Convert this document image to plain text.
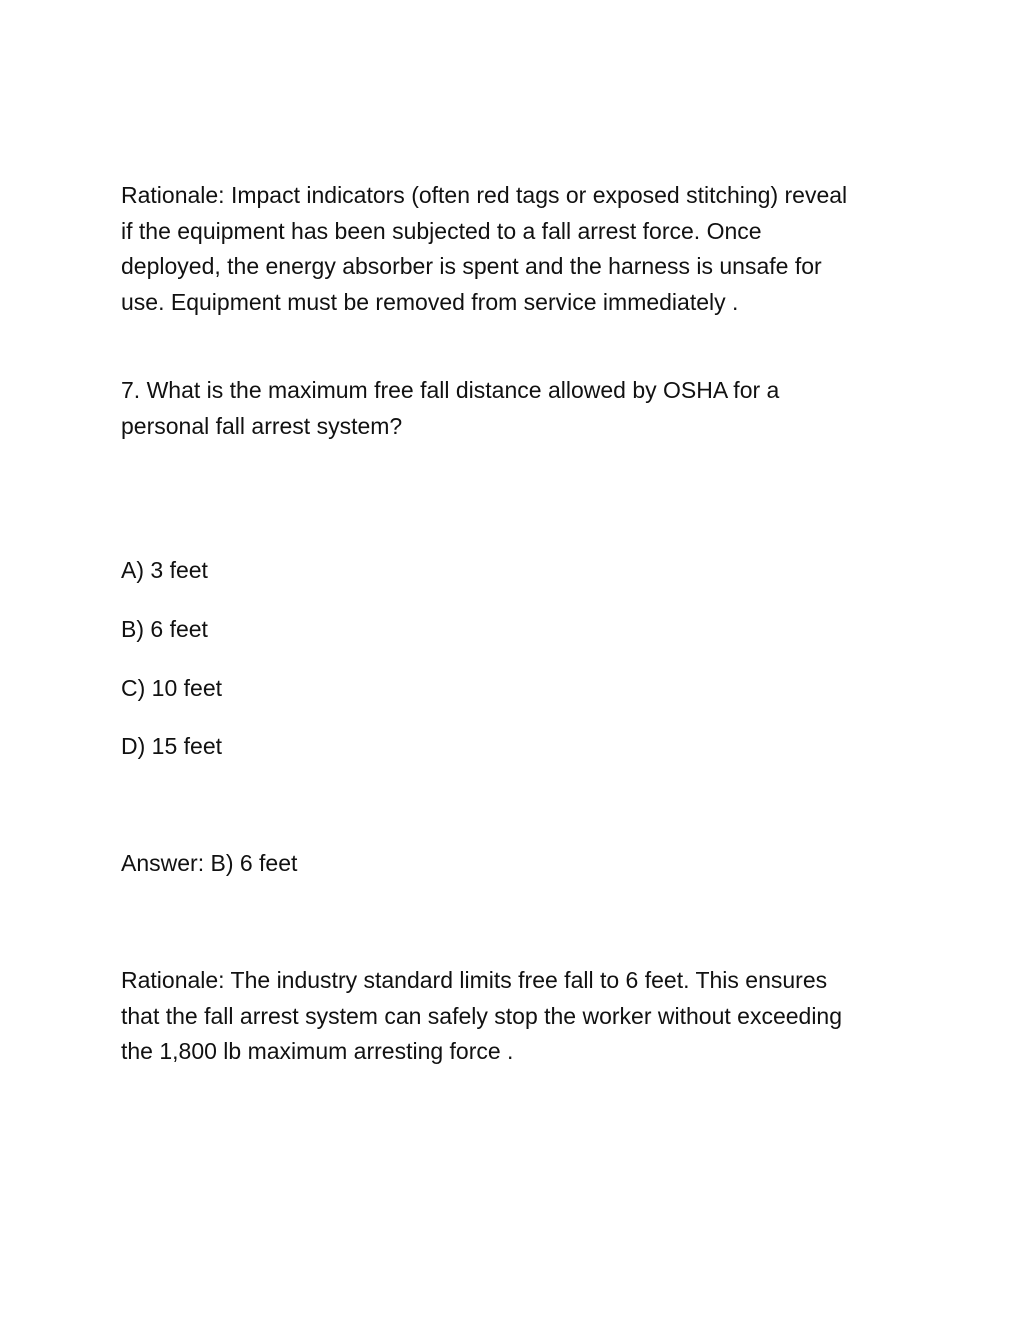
Rationale: Impact indicators (often red tags or exposed stitching) reveal
if the equipment has been subjected to a fall arrest force. Once
deployed, the energy absorber is spent and the harness is unsafe for
use. Equipment must be removed from service immediately .
7. What is the maximum free fall distance allowed by OSHA for a
personal fall arrest system?
A) 3 feet
B) 6 feet
C) 10 feet
D) 15 feet
Answer: B) 6 feet
Rationale: The industry standard limits free fall to 6 feet. This ensures
that the fall arrest system can safely stop the worker without exceeding
the 1,800 lb maximum arresting force .
